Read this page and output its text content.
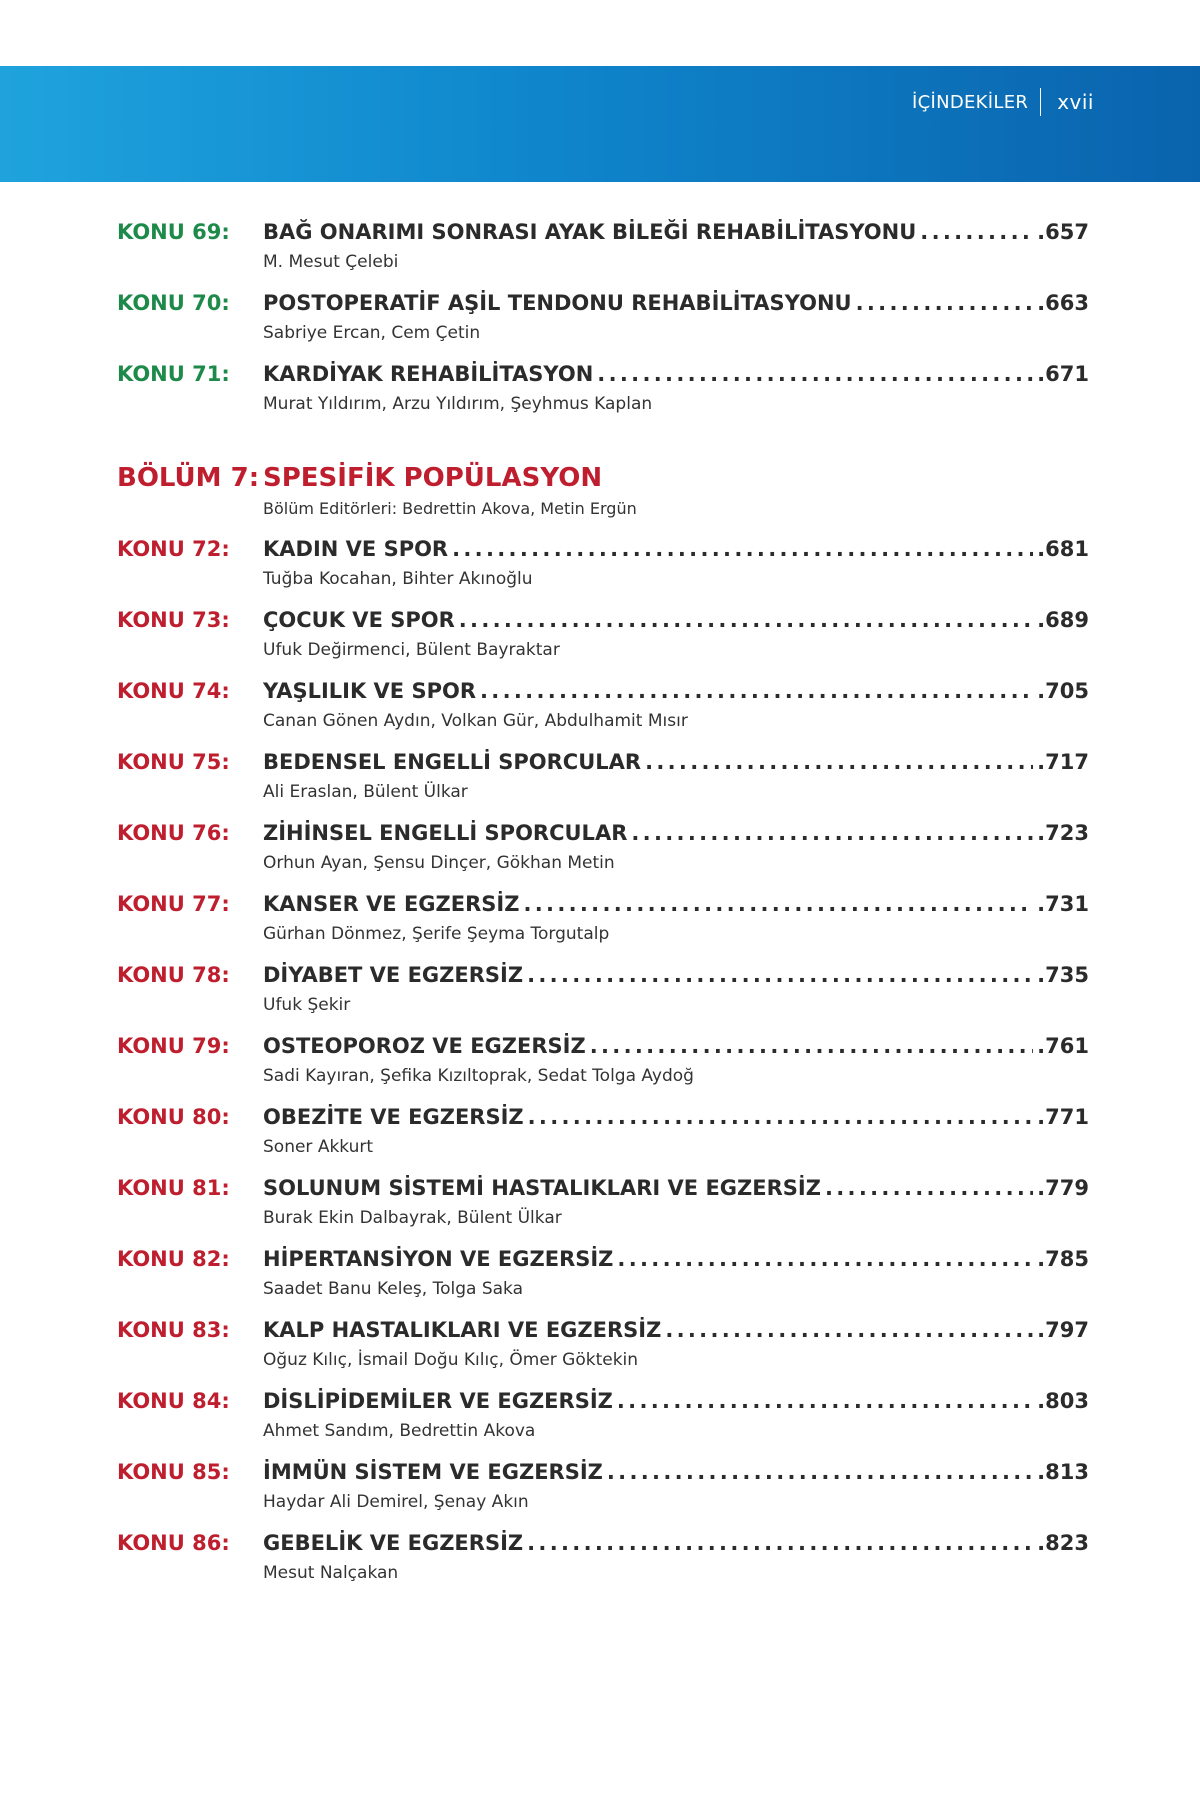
İÇİNDEKİLER xvii
KONU 69: BAĞ ONARIMI SONRASI AYAK BİLEĞİ REHABİLİTASYONU . . .	.657
M. Mesut Çelebi
KONU 70: POSTOPERATİF AŞİL TENDONU REHABİLİTASYONU . . .	.663
Sabriye Ercan, Cem Çetin
KONU 71: KARDİYAK REHABİLİTASYON . . .	.671
Murat Yıldırım, Arzu Yıldırım, Şeyhmus Kaplan
BÖLÜM 7: SPESİFİK POPÜLASYON
Bölüm Editörleri: Bedrettin Akova, Metin Ergün
KONU 72: KADIN VE SPOR . . .	.681
Tuğba Kocahan, Bihter Akınoğlu
KONU 73: ÇOCUK VE SPOR . . .	.689
Ufuk Değirmenci, Bülent Bayraktar
KONU 74: YAŞLILIK VE SPOR . . .	.705
Canan Gönen Aydın, Volkan Gür, Abdulhamit Mısır
KONU 75: BEDENSEL ENGELLİ SPORCULAR . . .	.717
Ali Eraslan, Bülent Ülkar
KONU 76: ZİHİNSEL ENGELLİ SPORCULAR . . .	.723
Orhun Ayan, Şensu Dinçer, Gökhan Metin
KONU 77: KANSER VE EGZERSİZ . . .	.731
Gürhan Dönmez, Şerife Şeyma Torgutalp
KONU 78: DİYABET VE EGZERSİZ . . .	.735
Ufuk Şekir
KONU 79: OSTEOPOROZ VE EGZERSİZ . . .	.761
Sadi Kayıran, Şefika Kızıltoprak, Sedat Tolga Aydoğ
KONU 80: OBEZİTE VE EGZERSİZ . . .	.771
Soner Akkurt
KONU 81: SOLUNUM SİSTEMİ HASTALIKLARI VE EGZERSİZ . . .	.779
Burak Ekin Dalbayrak, Bülent Ülkar
KONU 82: HİPERTANSİYON VE EGZERSİZ . . .	.785
Saadet Banu Keleş, Tolga Saka
KONU 83: KALP HASTALIKLARI VE EGZERSİZ . . .	.797
Oğuz Kılıç, İsmail Doğu Kılıç, Ömer Göktekin
KONU 84: DİSLİPİDEMİLER VE EGZERSİZ . . .	.803
Ahmet Sandım, Bedrettin Akova
KONU 85: İMMÜN SİSTEM VE EGZERSİZ . . .	.813
Haydar Ali Demirel, Şenay Akın
KONU 86: GEBELİK VE EGZERSİZ . . .	.823
Mesut Nalçakan
